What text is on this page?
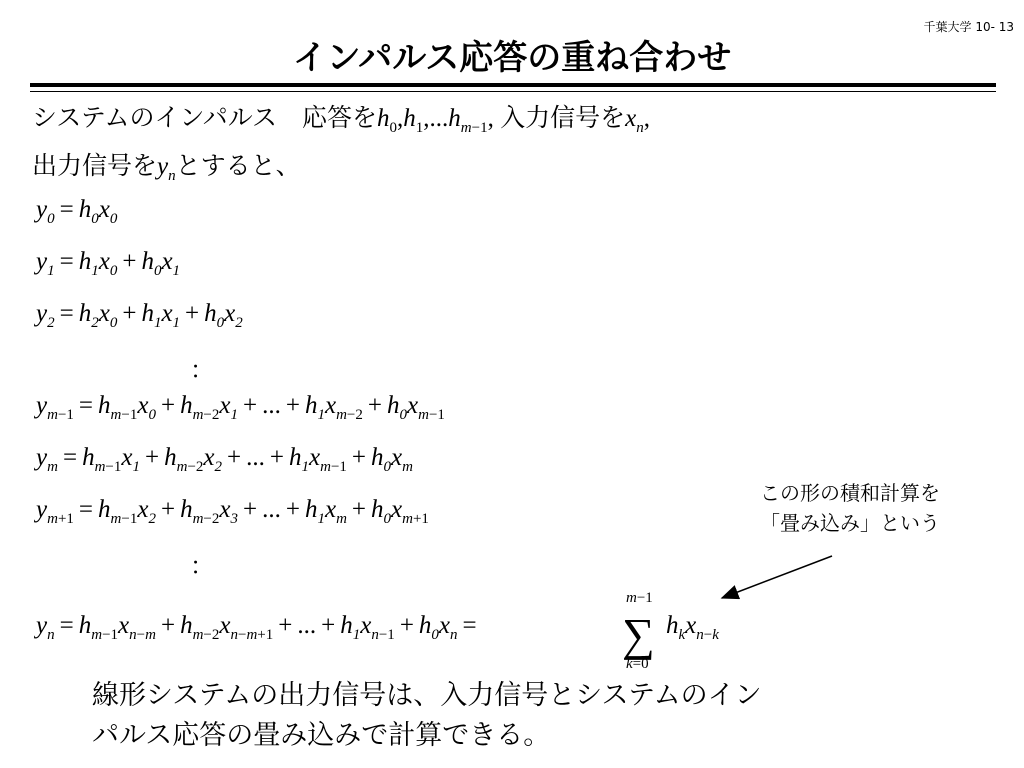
千葉大学 10- 13
インパルス応答の重ね合わせ
システムのインパルス　応答を$h_0,h_1,...h_{m-1}$, 入力信号を$x_n$,
出力信号を$y_n$とすると、
$y_0 = h_0x_0$
$y_1 = h_1x_0 + h_0x_1$
$y_2 = h_2x_0 + h_1x_1 + h_0x_2$
：
$y_{m-1} = h_{m-1}x_0 + h_{m-2}x_1$ + ... + $h_1x_{m-2} + h_0x_{m-1}$
$y_m = h_{m-1}x_1 + h_{m-2}x_2$ + ... + $h_1x_{m-1} + h_0x_m$
$y_{m+1} = h_{m-1}x_2 + h_{m-2}x_3$ + ... + $h_1x_m + h_0x_{m+1}$
：
$y_n = h_{m-1}x_{n-m} + h_{m-2}x_{n-m+1}$ + ... + $h_1x_{n-1} + h_0x_n$ =
m−1
∑
k=0
$h_kx_{n-k}$
この形の積和計算を
「畳み込み」という
線形システムの出力信号は、入力信号とシステムのイン
パルス応答の畳み込みで計算できる。
